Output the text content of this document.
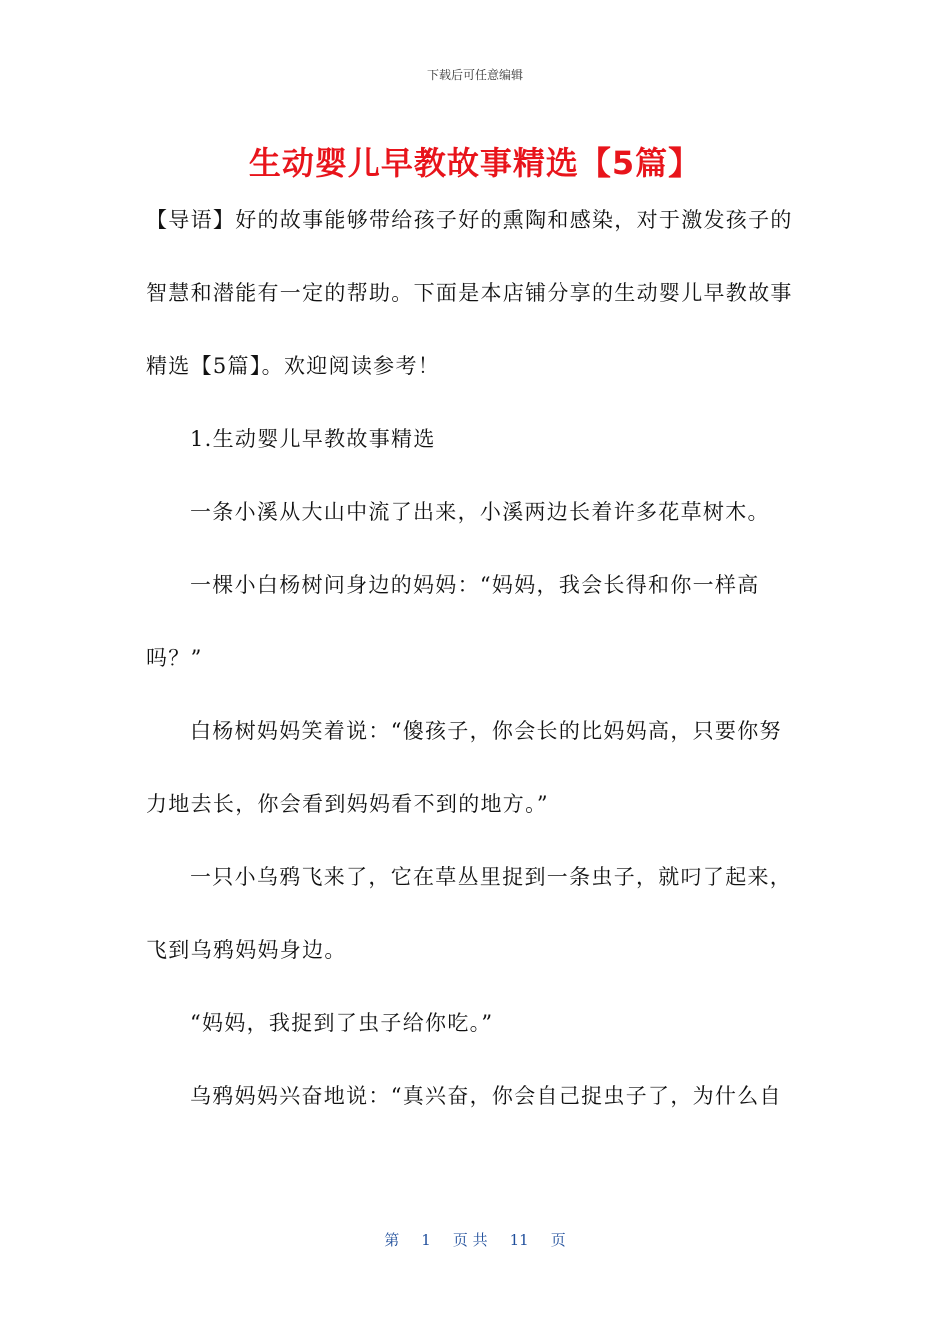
下载后可任意编辑
生动婴儿早教故事精选【5篇】
【导语】好的故事能够带给孩子好的熏陶和感染，对于激发孩子的
智慧和潜能有一定的帮助。下面是本店铺分享的生动婴儿早教故事
精选【5篇】。欢迎阅读参考！
1.生动婴儿早教故事精选
一条小溪从大山中流了出来，小溪两边长着许多花草树木。
一棵小白杨树问身边的妈妈：“妈妈，我会长得和你一样高
吗？”
白杨树妈妈笑着说：“傻孩子，你会长的比妈妈高，只要你努
力地去长，你会看到妈妈看不到的地方。”
一只小乌鸦飞来了，它在草丛里捉到一条虫子，就叼了起来，
飞到乌鸦妈妈身边。
“妈妈，我捉到了虫子给你吃。”
乌鸦妈妈兴奋地说：“真兴奋，你会自己捉虫子了，为什么自
第 1 页 共 11 页
